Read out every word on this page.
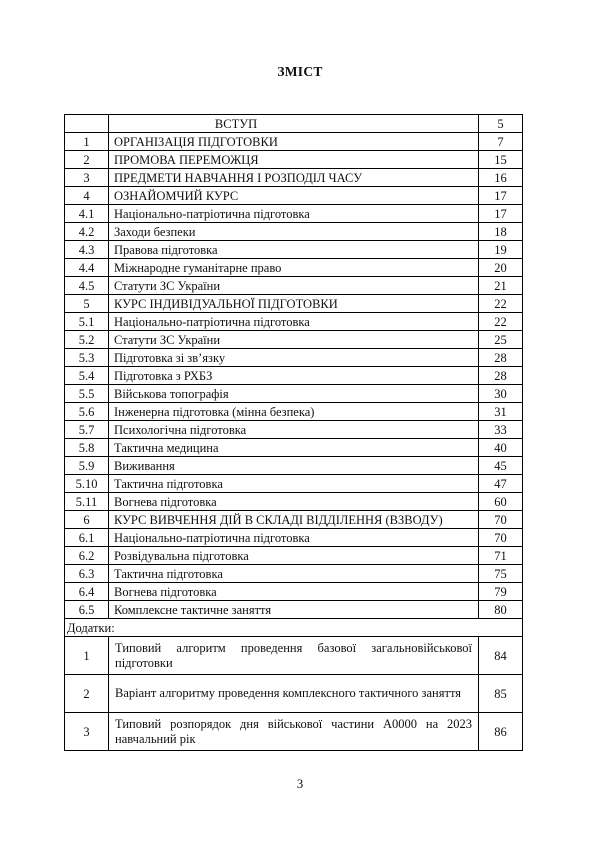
ЗМІСТ
	ВСТУП	5
1	ОРГАНІЗАЦІЯ ПІДГОТОВКИ	7
2	ПРОМОВА ПЕРЕМОЖЦЯ	15
3	ПРЕДМЕТИ НАВЧАННЯ І РОЗПОДІЛ ЧАСУ	16
4	ОЗНАЙОМЧИЙ КУРС	17
4.1	Національно-патріотична підготовка	17
4.2	Заходи безпеки	18
4.3	Правова підготовка	19
4.4	Міжнародне гуманітарне право	20
4.5	Статути ЗС України	21
5	КУРС ІНДИВІДУАЛЬНОЇ ПІДГОТОВКИ	22
5.1	Національно-патріотична підготовка	22
5.2	Статути ЗС України	25
5.3	Підготовка зі зв’язку	28
5.4	Підготовка з РХБЗ	28
5.5	Військова топографія	30
5.6	Інженерна підготовка (мінна безпека)	31
5.7	Психологічна підготовка	33
5.8	Тактична медицина	40
5.9	Виживання	45
5.10	Тактична підготовка	47
5.11	Вогнева підготовка	60
6	КУРС ВИВЧЕННЯ ДІЙ В СКЛАДІ ВІДДІЛЕННЯ (ВЗВОДУ)	70
6.1	Національно-патріотична підготовка	70
6.2	Розвідувальна підготовка	71
6.3	Тактична підготовка	75
6.4	Вогнева підготовка	79
6.5	Комплексне тактичне заняття	80
Додатки:		
1	Типовий алгоритм проведення базової загальновійськової підготовки	84
2	Варіант алгоритму проведення комплексного тактичного заняття	85
3	Типовий розпорядок дня військової частини А0000 на 2023 навчальний рік	86
3
